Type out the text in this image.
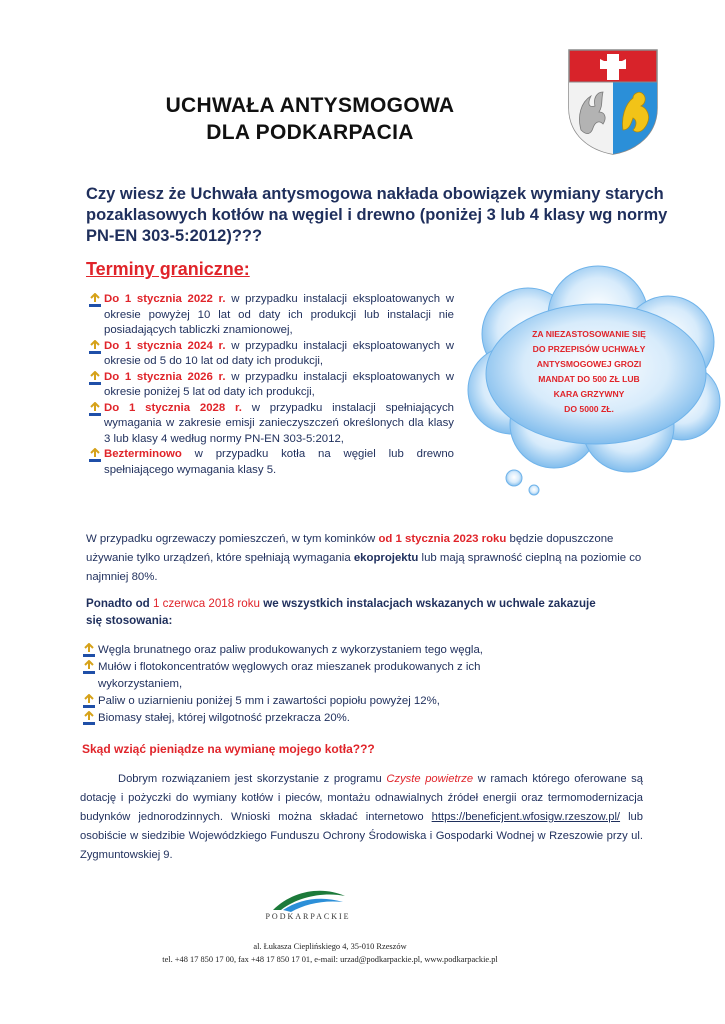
UCHWAŁA ANTYSMOGOWA
DLA PODKARPACIA
Czy wiesz że Uchwała antysmogowa nakłada obowiązek wymiany starych pozaklasowych kotłów na węgiel i drewno (poniżej 3 lub 4 klasy wg normy PN-EN 303-5:2012)???
Terminy graniczne:
Do 1 stycznia 2022 r. w przypadku instalacji eksploatowanych w okresie powyżej 10 lat od daty ich produkcji lub instalacji nie posiadających tabliczki znamionowej,
Do 1 stycznia 2024 r. w przypadku instalacji eksploatowanych w okresie od 5 do 10 lat od daty ich produkcji,
Do 1 stycznia 2026 r. w przypadku instalacji eksploatowanych w okresie poniżej 5 lat od daty ich produkcji,
Do 1 stycznia 2028 r. w przypadku instalacji spełniających wymagania w zakresie emisji zanieczyszczeń określonych dla klasy 3 lub klasy 4 według normy PN-EN 303-5:2012,
Bezterminowo w przypadku kotła na węgiel lub drewno spełniającego wymagania klasy 5.
ZA NIEZASTOSOWANIE SIĘ
DO PRZEPISÓW UCHWAŁY
ANTYSMOGOWEJ GROZI
MANDAT DO 500 ZŁ LUB
KARA GRZYWNY
DO 5000 ZŁ.
W przypadku ogrzewaczy pomieszczeń, w tym kominków od 1 stycznia 2023 roku będzie dopuszczone używanie tylko urządzeń, które spełniają wymagania ekoprojektu lub mają sprawność cieplną na poziomie co najmniej 80%.
Ponadto od 1 czerwca 2018 roku we wszystkich instalacjach wskazanych w uchwale zakazuje się stosowania:
Węgla brunatnego oraz paliw produkowanych z wykorzystaniem tego węgla,
Mułów i flotokoncentratów węglowych oraz mieszanek produkowanych z ich wykorzystaniem,
Paliw o uziarnieniu poniżej 5 mm i zawartości popiołu powyżej 12%,
Biomasy stałej, której wilgotność przekracza 20%.
Skąd wziąć pieniądze na wymianę mojego kotła???
Dobrym rozwiązaniem jest skorzystanie z programu Czyste powietrze w ramach którego oferowane są dotację i pożyczki do wymiany kotłów i pieców, montażu odnawialnych źródeł energii oraz termomodernizacja budynków jednorodzinnych. Wnioski można składać internetowo https://beneficjent.wfosigw.rzeszow.pl/ lub osobiście w siedzibie Wojewódzkiego Funduszu Ochrony Środowiska i Gospodarki Wodnej w Rzeszowie przy ul. Zygmuntowskiej 9.
PODKARPACKIE
al. Łukasza Cieplińskiego 4, 35-010 Rzeszów
tel. +48 17 850 17 00, fax +48 17 850 17 01, e-mail: urzad@podkarpackie.pl, www.podkarpackie.pl
